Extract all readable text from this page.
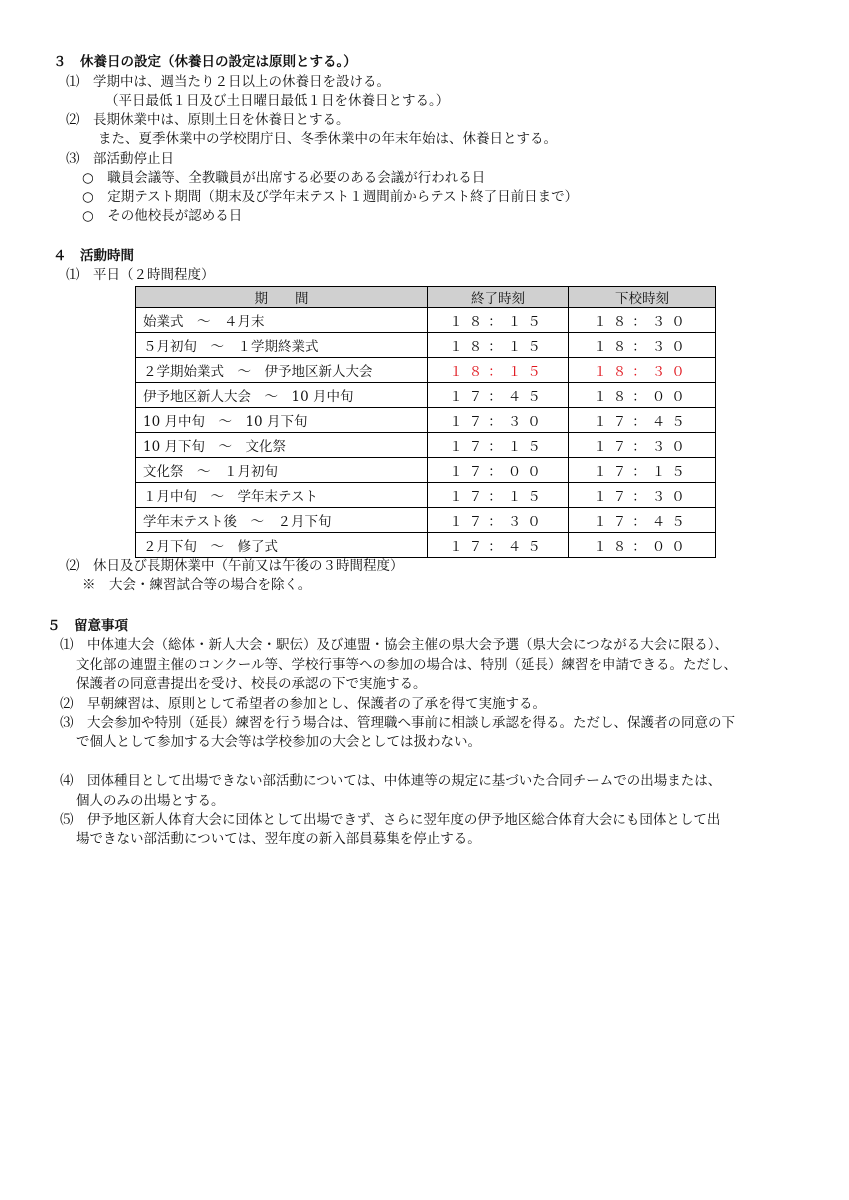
３　休養日の設定（休養日の設定は原則とする。）
⑴　学期中は、週当たり２日以上の休養日を設ける。
（平日最低１日及び土日曜日最低１日を休養日とする。）
⑵　長期休業中は、原則土日を休養日とする。
また、夏季休業中の学校閉庁日、冬季休業中の年末年始は、休養日とする。
⑶　部活動停止日
○　職員会議等、全教職員が出席する必要のある会議が行われる日
○　定期テスト期間（期末及び学年末テスト１週間前からテスト終了日前日まで）
○　その他校長が認める日
４　活動時間
⑴　平日（２時間程度）
期　　間	終了時刻	下校時刻
始業式　～　４月末	１８：１５	１８：３０
５月初旬　～　１学期終業式	１８：１５	１８：３０
２学期始業式　～　伊予地区新人大会	１８：１５	１８：３０
伊予地区新人大会　～　10 月中旬	１７：４５	１８：００
10 月中旬　～　10 月下旬	１７：３０	１７：４５
10 月下旬　～　文化祭	１７：１５	１７：３０
文化祭　～　１月初旬	１７：００	１７：１５
１月中旬　～　学年末テスト	１７：１５	１７：３０
学年末テスト後　～　２月下旬	１７：３０	１７：４５
２月下旬　～　修了式	１７：４５	１８：００
⑵　休日及び長期休業中（午前又は午後の３時間程度）
※　大会・練習試合等の場合を除く。
５　留意事項
⑴　中体連大会（総体・新人大会・駅伝）及び連盟・協会主催の県大会予選（県大会につながる大会に限る）、
文化部の連盟主催のコンクール等、学校行事等への参加の場合は、特別（延長）練習を申請できる。ただし、
保護者の同意書提出を受け、校長の承認の下で実施する。
⑵　早朝練習は、原則として希望者の参加とし、保護者の了承を得て実施する。
⑶　大会参加や特別（延長）練習を行う場合は、管理職へ事前に相談し承認を得る。ただし、保護者の同意の下
で個人として参加する大会等は学校参加の大会としては扱わない。
⑷　団体種目として出場できない部活動については、中体連等の規定に基づいた合同チームでの出場または、
個人のみの出場とする。
⑸　伊予地区新人体育大会に団体として出場できず、さらに翌年度の伊予地区総合体育大会にも団体として出
場できない部活動については、翌年度の新入部員募集を停止する。
